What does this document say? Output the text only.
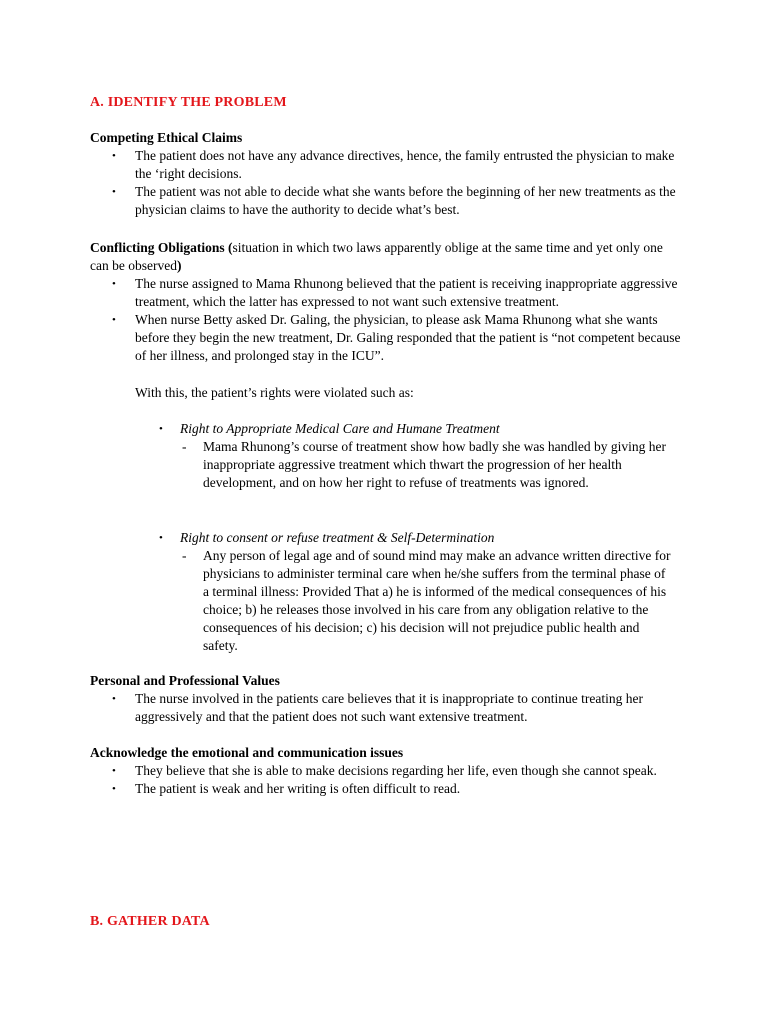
A. IDENTIFY THE PROBLEM

Competing Ethical Claims

• The patient does not have any advance directives, hence, the family entrusted the physician to make the ‘right decisions.
• The patient was not able to decide what she wants before the beginning of her new treatments as the physician claims to have the authority to decide what’s best.

Conflicting Obligations (situation in which two laws apparently oblige at the same time and yet only one can be observed)

• The nurse assigned to Mama Rhunong believed that the patient is receiving inappropriate aggressive treatment, which the latter has expressed to not want such extensive treatment.
• When nurse Betty asked Dr. Galing, the physician, to please ask Mama Rhunong what she wants before they begin the new treatment, Dr. Galing responded that the patient is “not competent because of her illness, and prolonged stay in the ICU”.

With this, the patient’s rights were violated such as:

• Right to Appropriate Medical Care and Humane Treatment
- Mama Rhunong’s course of treatment show how badly she was handled by giving her inappropriate aggressive treatment which thwart the progression of her health development, and on how her right to refuse of treatments was ignored.
• Right to consent or refuse treatment & Self-Determination
- Any person of legal age and of sound mind may make an advance written directive for physicians to administer terminal care when he/she suffers from the terminal phase of a terminal illness: Provided That a) he is informed of the medical consequences of his choice; b) he releases those involved in his care from any obligation relative to the consequences of his decision; c) his decision will not prejudice public health and safety.

Personal and Professional Values

• The nurse involved in the patients care believes that it is inappropriate to continue treating her aggressively and that the patient does not such want extensive treatment.

Acknowledge the emotional and communication issues

• They believe that she is able to make decisions regarding her life, even though she cannot speak.
• The patient is weak and her writing is often difficult to read.
B. GATHER DATA
